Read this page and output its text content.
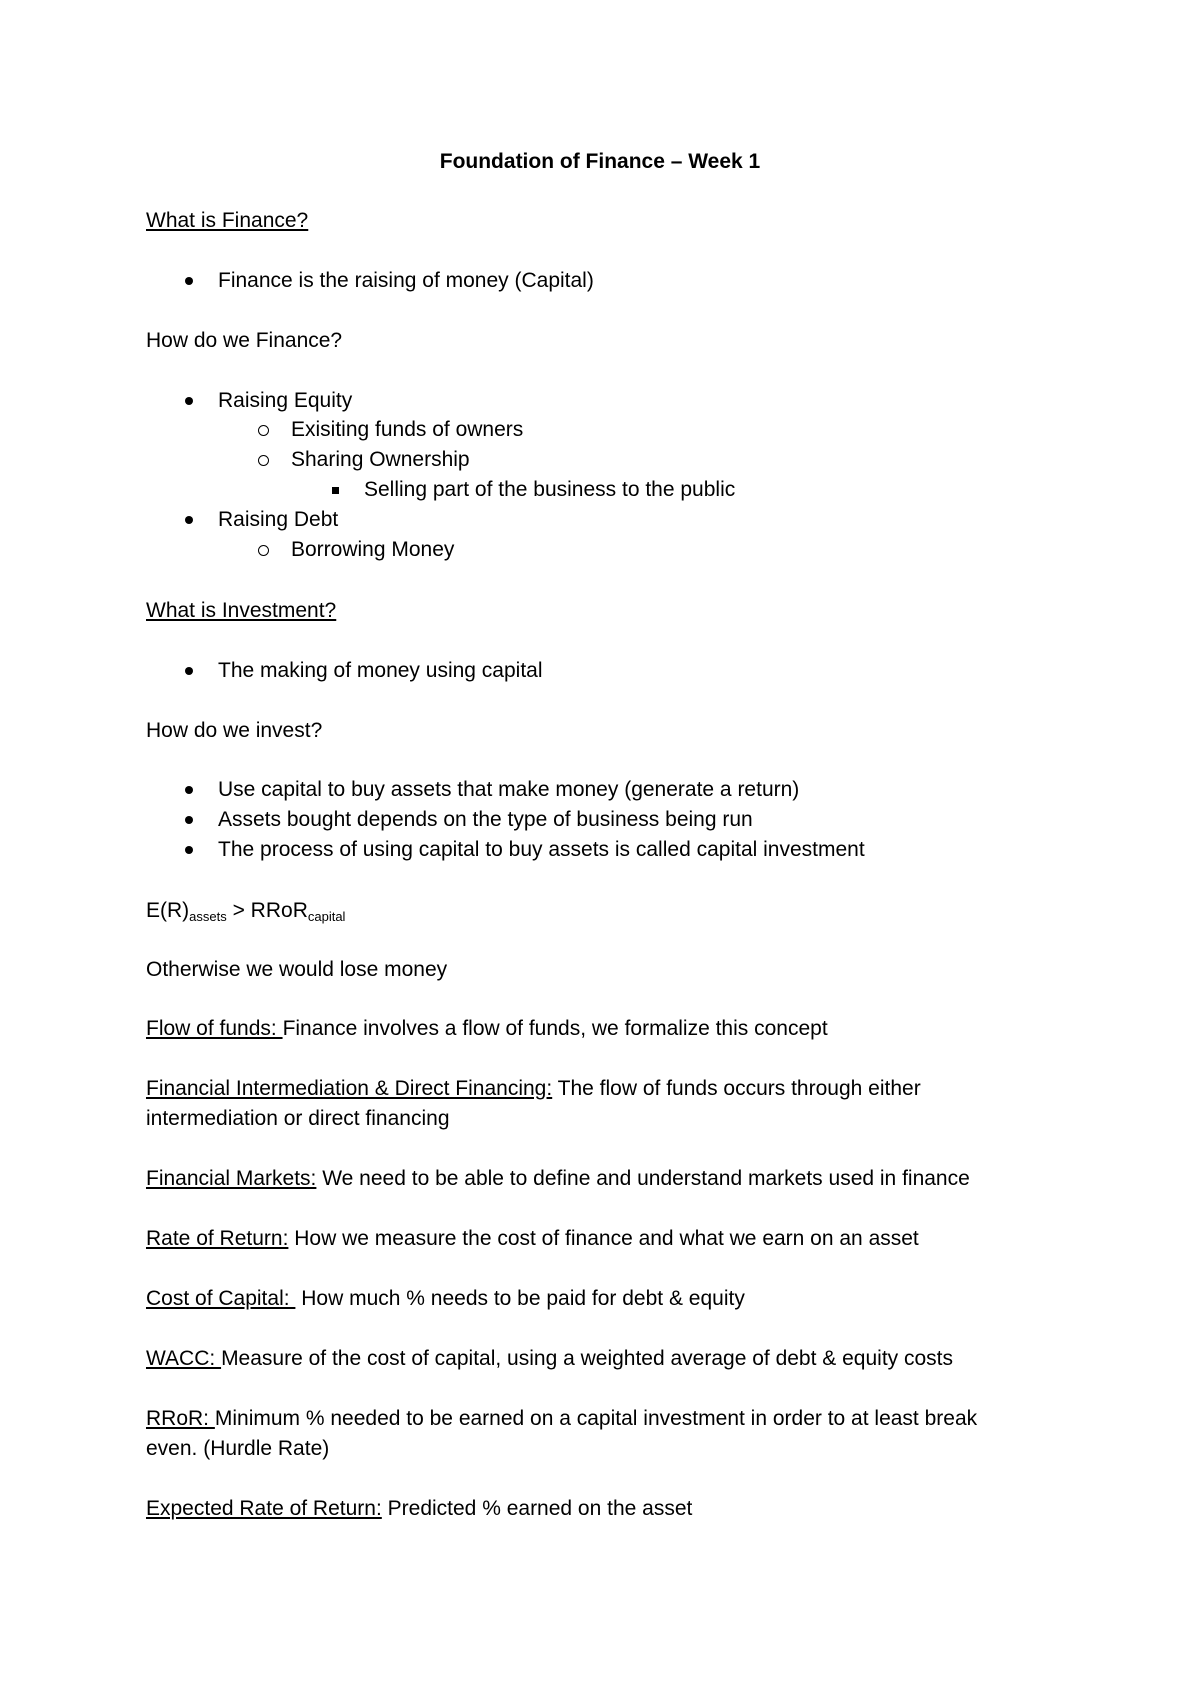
Foundation of Finance – Week 1
What is Finance?
Finance is the raising of money (Capital)
How do we Finance?
Raising Equity
Exisiting funds of owners
Sharing Ownership
Selling part of the business to the public
Raising Debt
Borrowing Money
What is Investment?
The making of money using capital
How do we invest?
Use capital to buy assets that make money (generate a return)
Assets bought depends on the type of business being run
The process of using capital to buy assets is called capital investment
$E(R)_{assets}$ > RRoR$_{capital}$
Otherwise we would lose money
Flow of funds: Finance involves a flow of funds, we formalize this concept
Financial Intermediation & Direct Financing: The flow of funds occurs through either
intermediation or direct financing
Financial Markets: We need to be able to define and understand markets used in finance
Rate of Return: How we measure the cost of finance and what we earn on an asset
Cost of Capital:  How much % needs to be paid for debt & equity
WACC: Measure of the cost of capital, using a weighted average of debt & equity costs
RRoR: Minimum % needed to be earned on a capital investment in order to at least break
even. (Hurdle Rate)
Expected Rate of Return: Predicted % earned on the asset
